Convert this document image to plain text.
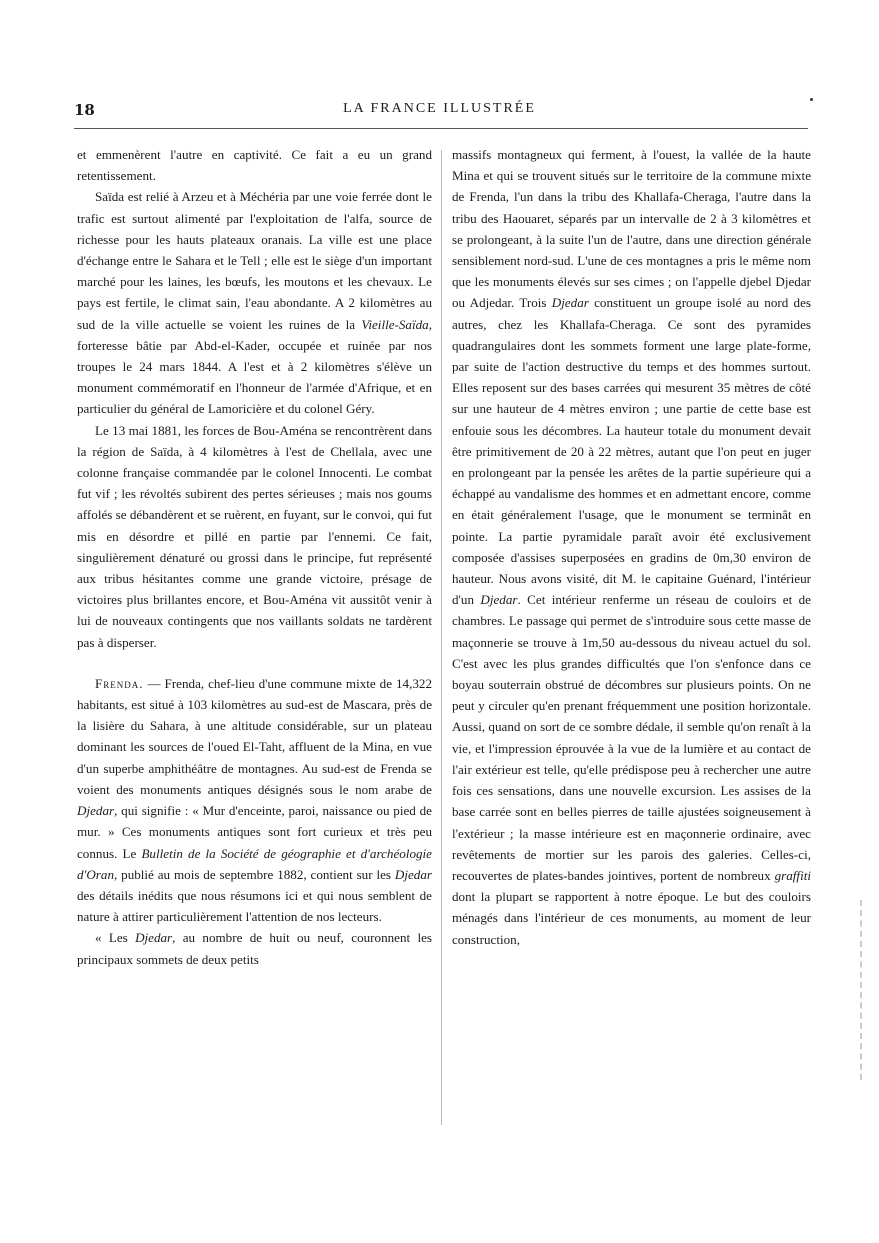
18	LA FRANCE ILLUSTRÉE

et emmenèrent l'autre en captivité. Ce fait a eu un grand retentissement.

Saïda est relié à Arzeu et à Méchéria par une voie ferrée dont le trafic est surtout alimenté par l'exploitation de l'alfa, source de richesse pour les hauts plateaux oranais. La ville est une place d'échange entre le Sahara et le Tell ; elle est le siège d'un important marché pour les laines, les bœufs, les moutons et les chevaux. Le pays est fertile, le climat sain, l'eau abondante. A 2 kilomètres au sud de la ville actuelle se voient les ruines de la Vieille-Saïda, forteresse bâtie par Abd-el-Kader, occupée et ruinée par nos troupes le 24 mars 1844. A l'est et à 2 kilomètres s'élève un monument commémoratif en l'honneur de l'armée d'Afrique, et en particulier du général de Lamoricière et du colonel Géry.

Le 13 mai 1881, les forces de Bou-Aména se rencontrèrent dans la région de Saïda, à 4 kilomètres à l'est de Chellala, avec une colonne française commandée par le colonel Innocenti. Le combat fut vif ; les révoltés subirent des pertes sérieuses ; mais nos goums affolés se débandèrent et se ruèrent, en fuyant, sur le convoi, qui fut mis en désordre et pillé en partie par l'ennemi. Ce fait, singulièrement dénaturé ou grossi dans le principe, fut représenté aux tribus hésitantes comme une grande victoire, présage de victoires plus brillantes encore, et Bou-Aména vit aussitôt venir à lui de nouveaux contingents que nos vaillants soldats ne tardèrent pas à disperser.

Frenda. — Frenda, chef-lieu d'une commune mixte de 14,322 habitants, est situé à 103 kilomètres au sud-est de Mascara, près de la lisière du Sahara, à une altitude considérable, sur un plateau dominant les sources de l'oued El-Taht, affluent de la Mina, en vue d'un superbe amphithéâtre de montagnes. Au sud-est de Frenda se voient des monuments antiques désignés sous le nom arabe de Djedar, qui signifie : « Mur d'enceinte, paroi, naissance ou pied de mur. » Ces monuments antiques sont fort curieux et très peu connus. Le Bulletin de la Société de géographie et d'archéologie d'Oran, publié au mois de septembre 1882, contient sur les Djedar des détails inédits que nous résumons ici et qui nous semblent de nature à attirer particulièrement l'attention de nos lecteurs.

« Les Djedar, au nombre de huit ou neuf, couronnent les principaux sommets de deux petits

massifs montagneux qui ferment, à l'ouest, la vallée de la haute Mina et qui se trouvent situés sur le territoire de la commune mixte de Frenda, l'un dans la tribu des Khallafa-Cheraga, l'autre dans la tribu des Haouaret, séparés par un intervalle de 2 à 3 kilomètres et se prolongeant, à la suite l'un de l'autre, dans une direction générale sensiblement nord-sud. L'une de ces montagnes a pris le même nom que les monuments élevés sur ses cimes ; on l'appelle djebel Djedar ou Adjedar. Trois Djedar constituent un groupe isolé au nord des autres, chez les Khallafa-Cheraga. Ce sont des pyramides quadrangulaires dont les sommets forment une large plate-forme, par suite de l'action destructive du temps et des hommes surtout. Elles reposent sur des bases carrées qui mesurent 35 mètres de côté sur une hauteur de 4 mètres environ ; une partie de cette base est enfouie sous les décombres. La hauteur totale du monument devait être primitivement de 20 à 22 mètres, autant que l'on peut en juger en prolongeant par la pensée les arêtes de la partie supérieure qui a échappé au vandalisme des hommes et en admettant encore, comme en était généralement l'usage, que le monument se terminât en pointe. La partie pyramidale paraît avoir été exclusivement composée d'assises superposées en gradins de 0m,30 environ de hauteur. Nous avons visité, dit M. le capitaine Guénard, l'intérieur d'un Djedar. Cet intérieur renferme un réseau de couloirs et de chambres. Le passage qui permet de s'introduire sous cette masse de maçonnerie se trouve à 1m,50 au-dessous du niveau actuel du sol. C'est avec les plus grandes difficultés que l'on s'enfonce dans ce boyau souterrain obstrué de décombres sur plusieurs points. On ne peut y circuler qu'en prenant fréquemment une position horizontale. Aussi, quand on sort de ce sombre dédale, il semble qu'on renaît à la vie, et l'impression éprouvée à la vue de la lumière et au contact de l'air extérieur est telle, qu'elle prédispose peu à rechercher une autre fois ces sensations, dans une nouvelle excursion. Les assises de la base carrée sont en belles pierres de taille ajustées soigneusement à l'extérieur ; la masse intérieure est en maçonnerie ordinaire, avec revêtements de mortier sur les parois des galeries. Celles-ci, recouvertes de plates-bandes jointives, portent de nombreux graffiti dont la plupart se rapportent à notre époque. Le but des couloirs ménagés dans l'intérieur de ces monuments, au moment de leur construction,
